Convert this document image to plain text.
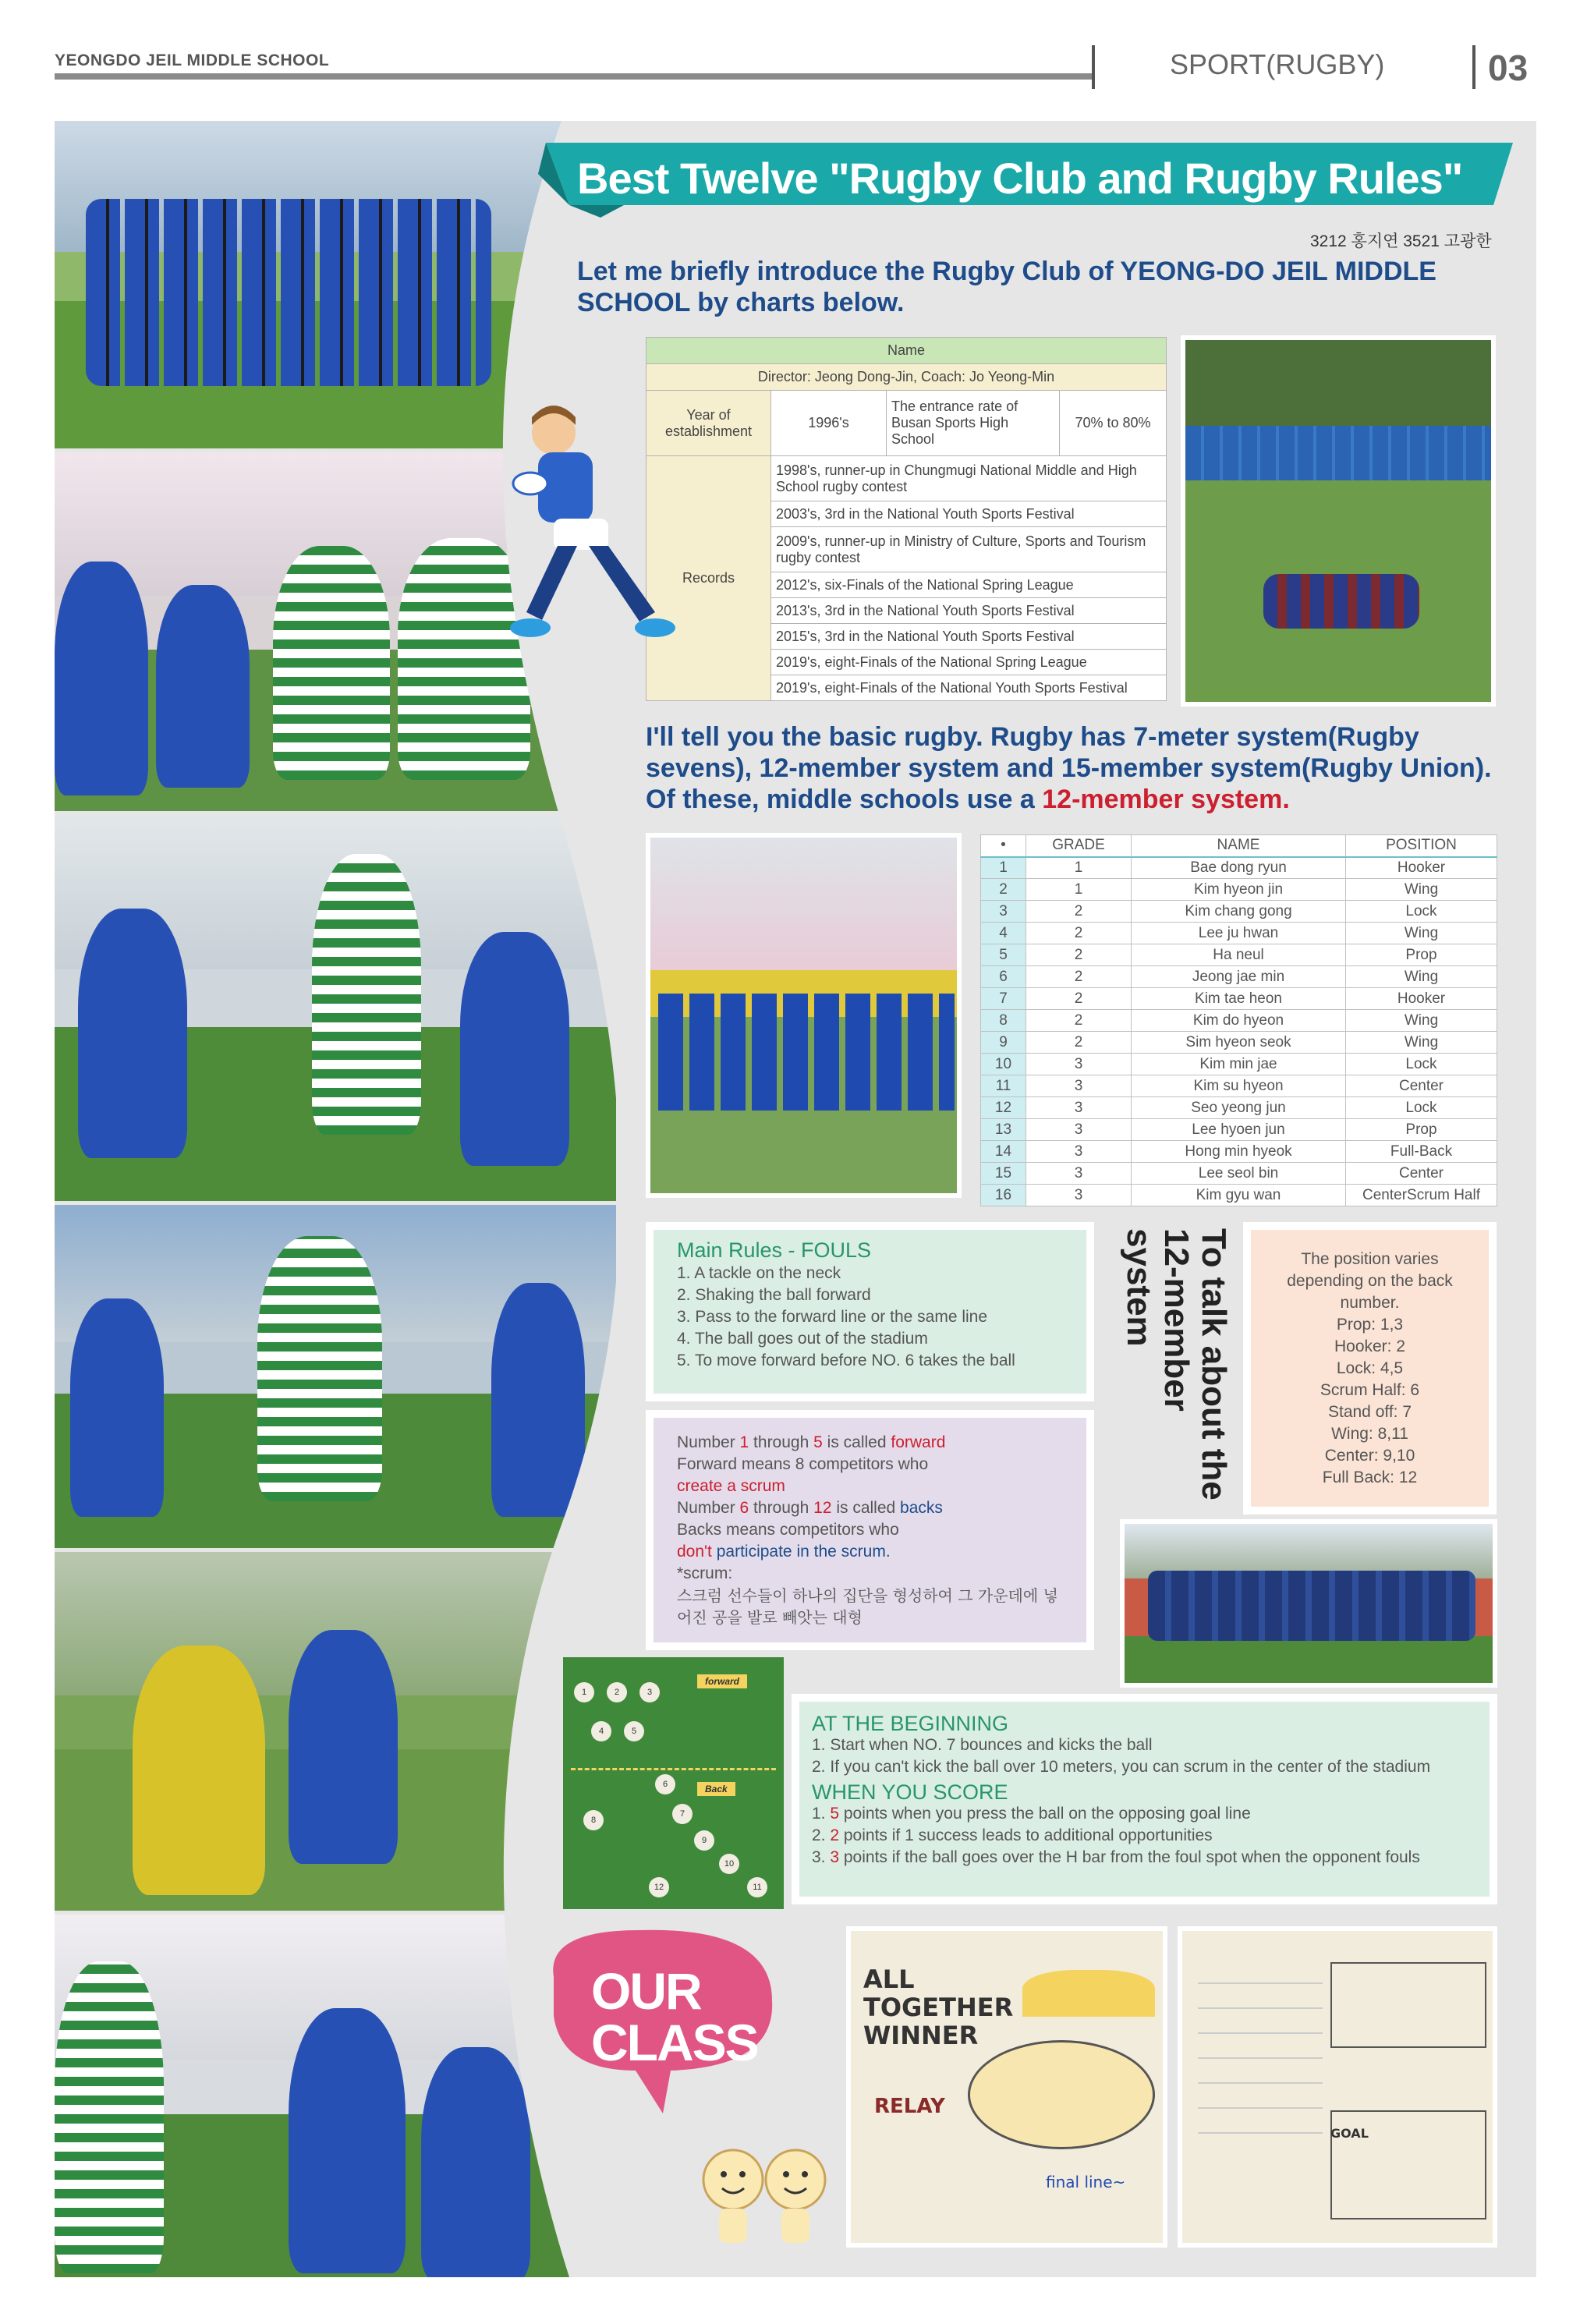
YEONGDO JEIL MIDDLE SCHOOL	SPORT(RUGBY)	03
Best Twelve "Rugby Club and Rugby Rules"
3212 홍지연 3521 고광한
Let me briefly introduce the Rugby Club of YEONG-DO JEIL MIDDLE SCHOOL by charts below.
Name			
Director: Jeong Dong-Jin, Coach: Jo Yeong-Min			
Year of establishment	1996's	The entrance rate of Busan Sports High School	70% to 80%
Records	1998's, runner-up in Chungmugi National Middle and High School rugby contest		
	2003's, 3rd in the National Youth Sports Festival		
	2009's, runner-up in Ministry of Culture, Sports and Tourism rugby contest		
	2012's, six-Finals of the National Spring League		
	2013's, 3rd in the National Youth Sports Festival		
	2015's, 3rd in the National Youth Sports Festival		
	2019's, eight-Finals of the National Spring League		
	2019's, eight-Finals of the National Youth Sports Festival		
I'll tell you the basic rugby. Rugby has 7-meter system(Rugby sevens), 12-member system and 15-member system(Rugby Union). Of these, middle schools use a 12-member system.
•	GRADE	NAME	POSITION
1	1	Bae dong ryun	Hooker
2	1	Kim hyeon jin	Wing
3	2	Kim chang gong	Lock
4	2	Lee ju hwan	Wing
5	2	Ha neul	Prop
6	2	Jeong jae min	Wing
7	2	Kim tae heon	Hooker
8	2	Kim do hyeon	Wing
9	2	Sim hyeon seok	Wing
10	3	Kim min jae	Lock
11	3	Kim su hyeon	Center
12	3	Seo yeong jun	Lock
13	3	Lee hyoen jun	Prop
14	3	Hong min hyeok	Full-Back
15	3	Lee seol bin	Center
16	3	Kim gyu wan	CenterScrum Half
Main Rules - FOULS
1. A tackle on the neck
2. Shaking the ball forward
3. Pass to the forward line or the same line
4. The ball goes out of the stadium
5. To move forward before NO. 6 takes the ball
Number 1 through 5 is called forward
Forward means 8 competitors who
create a scrum
Number 6 through 12 is called backs
Backs means competitors who
don't participate in the scrum.
*scrum:
스크럼 선수들이 하나의 집단을 형성하여 그 가운데에 넣어진 공을 발로 빼앗는 대형
To talk about the 12-member system	The position varies
depending on the back
number.
Prop: 1,3
Hooker: 2
Lock: 4,5
Scrum Half: 6
Stand off: 7
Wing: 8,11
Center: 9,10
Full Back: 12
forward
1	2	3
4	5
Back
6
7
8
9
10
11
12
AT THE BEGINNING
1. Start when NO. 7 bounces and kicks the ball
2. If you can't kick the ball over 10 meters, you can scrum in the center of the stadium
WHEN YOU SCORE
1. 5 points when you press the ball on the opposing goal line
2. 2 points if 1 success leads to additional opportunities
3. 3 points if the ball goes over the H bar from the foul spot when the opponent fouls
OUR
CLASS
ALL TOGETHER WINNER
RELAY
final line~
GOAL
